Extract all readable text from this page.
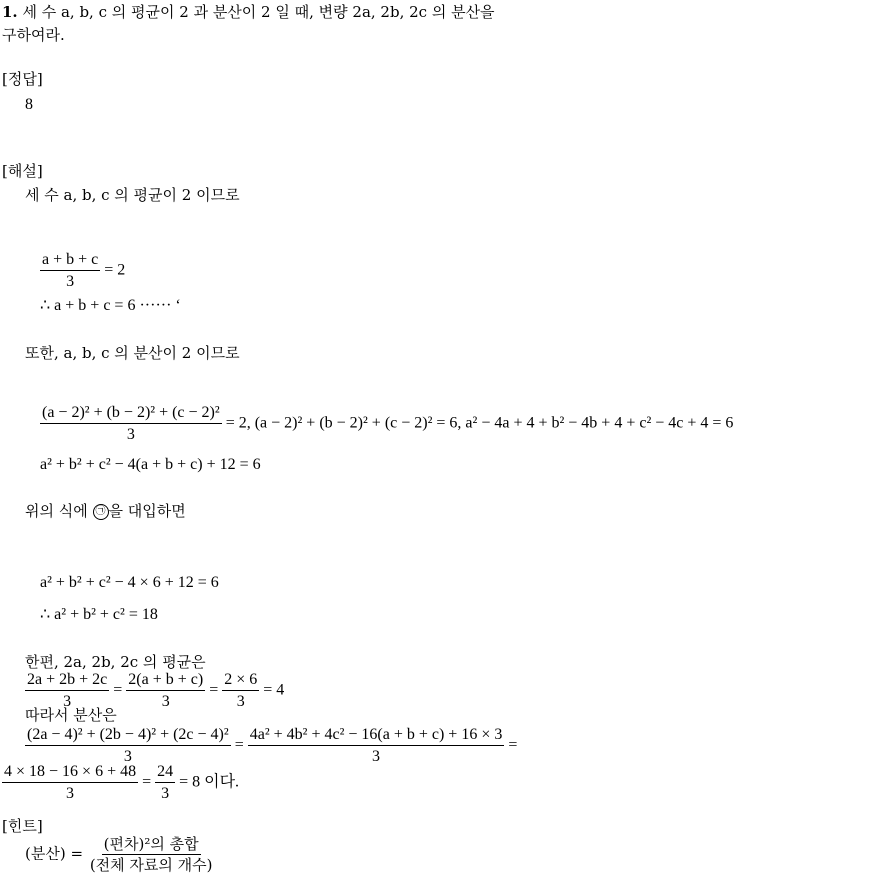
1. 세 수 a, b, c 의 평균이 2 과 분산이 2 일 때, 변량 2a, 2b, 2c 의 분산을
구하여라.
[정답]
8
[해설]
세 수 a, b, c 의 평균이 2 이므로
$\frac{a + b + c}{3} = 2$
∴ a + b + c = 6 ······ ‘
또한, a, b, c 의 분산이 2 이므로
$\frac{\text{(a − 2)² + (b − 2)² + (c − 2)²}}{3} = 2$, (a − 2)² + (b − 2)² + (c − 2)² = 6, a² − 4a + 4 + b² − 4b + 4 + c² − 4c + 4 = 6
a² + b² + c² − 4(a + b + c) + 12 = 6
위의 식에 ㉠ 을 대입하면
a² + b² + c² − 4 × 6 + 12 = 6
∴ a² + b² + c² = 18
한편, 2a, 2b, 2c 의 평균은
$\frac{2a + 2b + 2c}{3} = \frac{2(a + b + c)}{3} = \frac{2 \times 6}{3} = 4$
따라서 분산은
$\frac{\text{(2a − 4)² + (2b − 4)² + (2c − 4)²}}{3} = \frac{\text{4a² + 4b² + 4c² − 16(a + b + c) + 16 × 3}}{3}$ =
$\frac{4 \times 18 - 16 \times 6 + 48}{3} = \frac{24}{3} = 8$ 이다.
[힌트]
(분산) = $\frac{\text{(편차)²의 총합}}{\text{(전체 자료의 개수)}}$
